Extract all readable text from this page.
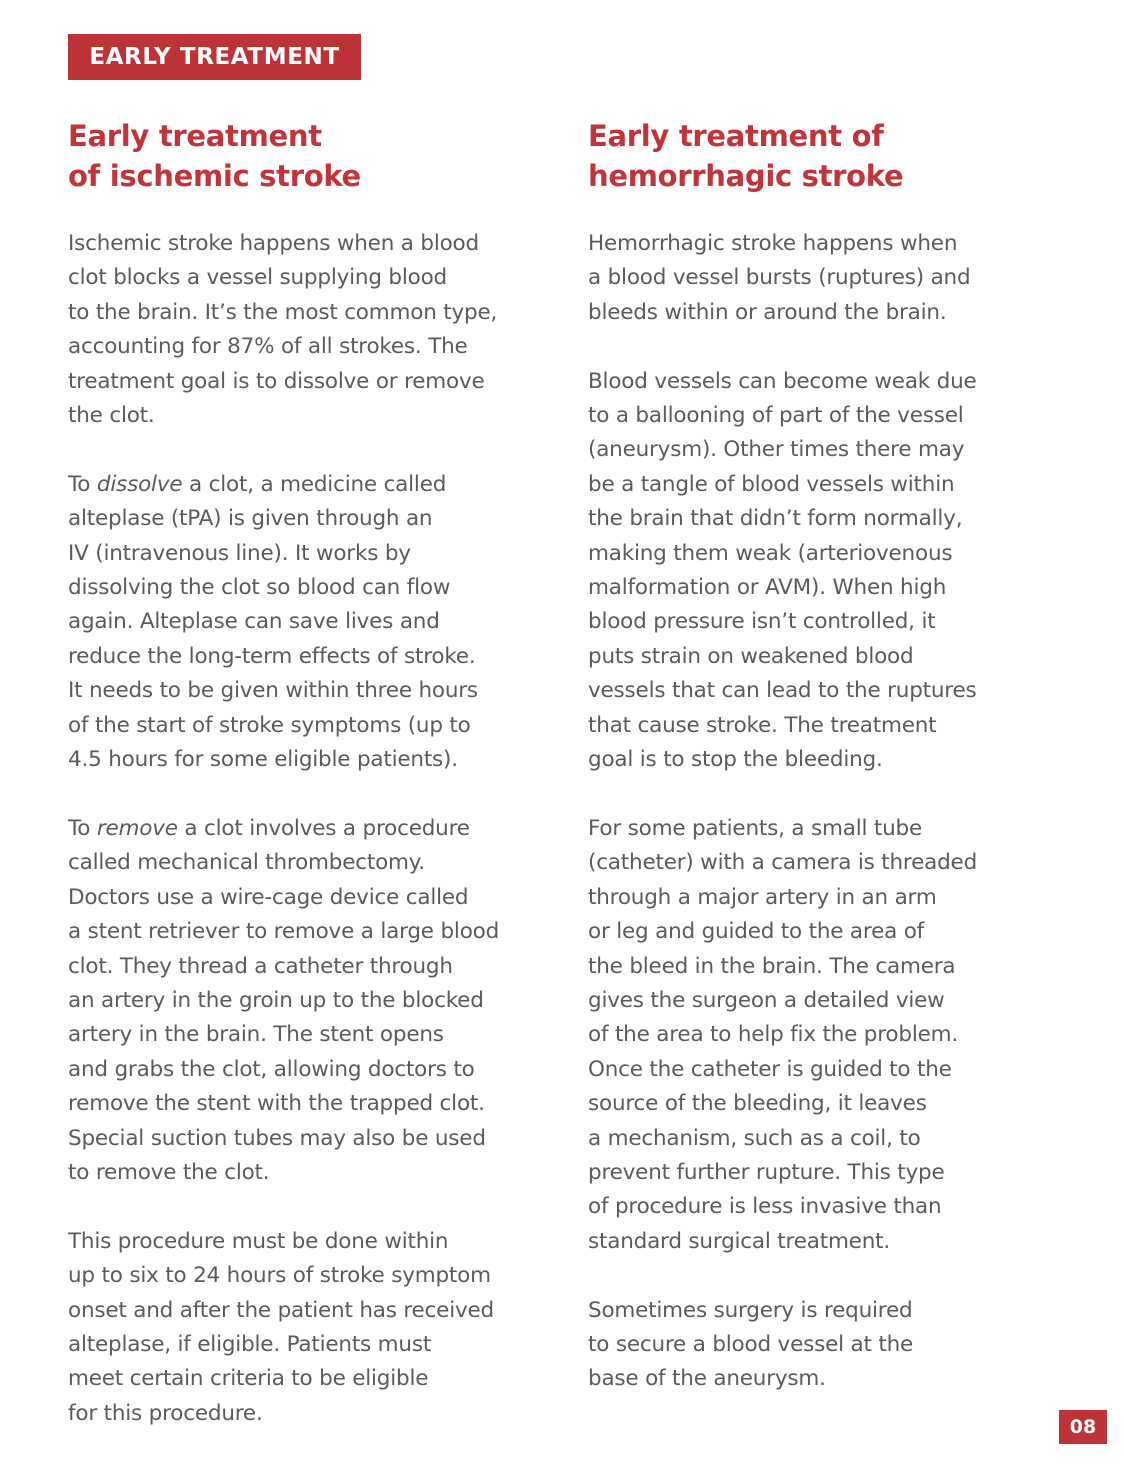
EARLY TREATMENT
Early treatment
of ischemic stroke

Ischemic stroke happens when a blood
clot blocks a vessel supplying blood
to the brain. It’s the most common type,
accounting for 87% of all strokes. The
treatment goal is to dissolve or remove
the clot.

To dissolve a clot, a medicine called
alteplase (tPA) is given through an
IV (intravenous line). It works by
dissolving the clot so blood can flow
again. Alteplase can save lives and
reduce the long-term effects of stroke.
It needs to be given within three hours
of the start of stroke symptoms (up to
4.5 hours for some eligible patients).

To remove a clot involves a procedure
called mechanical thrombectomy.
Doctors use a wire-cage device called
a stent retriever to remove a large blood
clot. They thread a catheter through
an artery in the groin up to the blocked
artery in the brain. The stent opens
and grabs the clot, allowing doctors to
remove the stent with the trapped clot.
Special suction tubes may also be used
to remove the clot.

This procedure must be done within
up to six to 24 hours of stroke symptom
onset and after the patient has received
alteplase, if eligible. Patients must
meet certain criteria to be eligible
for this procedure.

Early treatment of
hemorrhagic stroke

Hemorrhagic stroke happens when
a blood vessel bursts (ruptures) and
bleeds within or around the brain.

Blood vessels can become weak due
to a ballooning of part of the vessel
(aneurysm). Other times there may
be a tangle of blood vessels within
the brain that didn’t form normally,
making them weak (arteriovenous
malformation or AVM). When high
blood pressure isn’t controlled, it
puts strain on weakened blood
vessels that can lead to the ruptures
that cause stroke. The treatment
goal is to stop the bleeding.

For some patients, a small tube
(catheter) with a camera is threaded
through a major artery in an arm
or leg and guided to the area of
the bleed in the brain. The camera
gives the surgeon a detailed view
of the area to help fix the problem.
Once the catheter is guided to the
source of the bleeding, it leaves
a mechanism, such as a coil, to
prevent further rupture. This type
of procedure is less invasive than
standard surgical treatment.

Sometimes surgery is required
to secure a blood vessel at the
base of the aneurysm.

08
